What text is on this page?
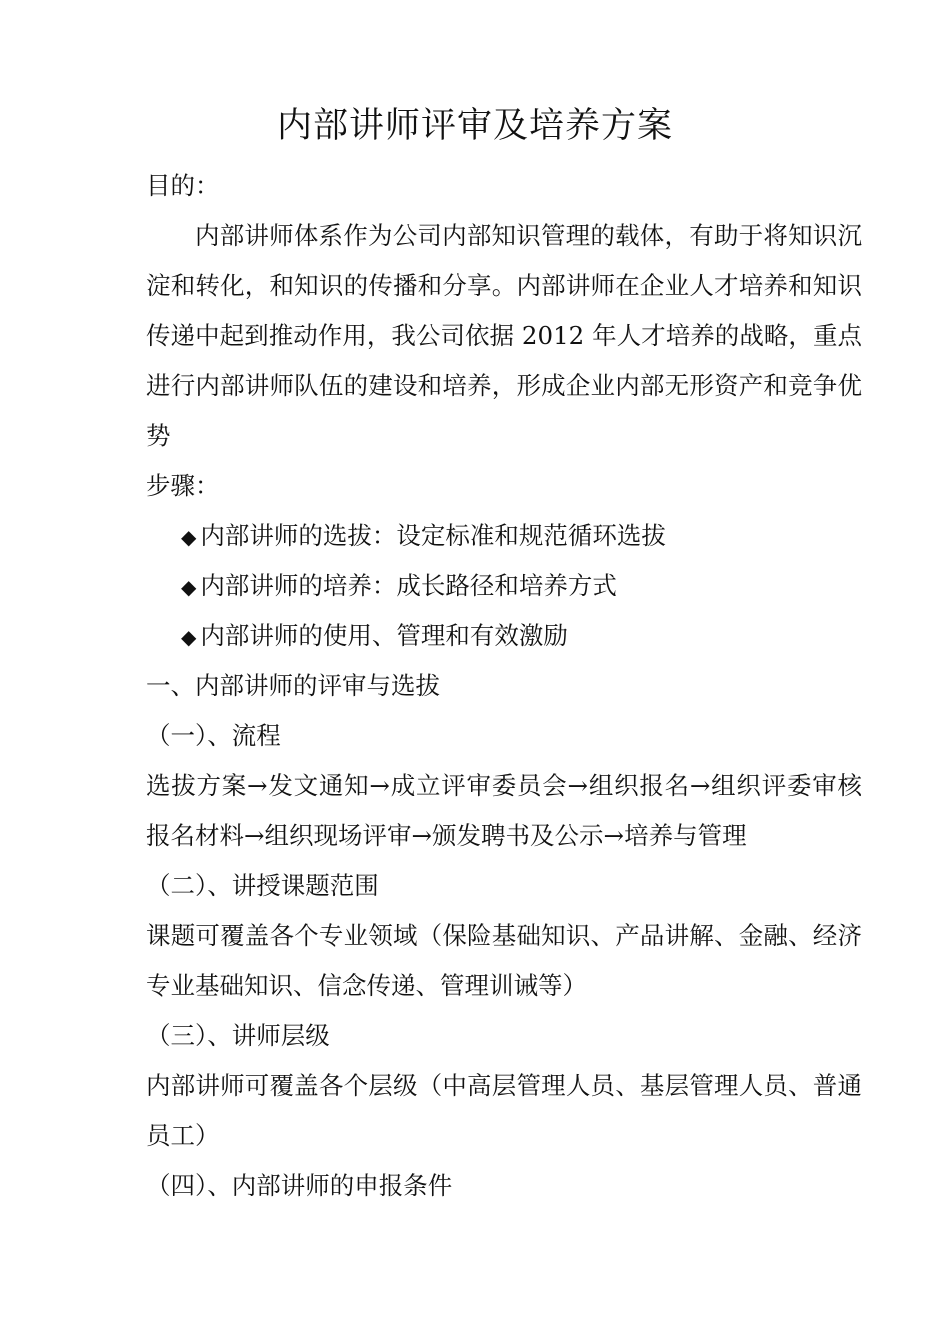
内部讲师评审及培养方案
目的：
内部讲师体系作为公司内部知识管理的载体，有助于将知识沉淀和转化，和知识的传播和分享。内部讲师在企业人才培养和知识传递中起到推动作用，我公司依据 2012 年人才培养的战略，重点进行内部讲师队伍的建设和培养，形成企业内部无形资产和竞争优势
步骤：
◆ 内部讲师的选拔：设定标准和规范循环选拔
◆ 内部讲师的培养：成长路径和培养方式
◆ 内部讲师的使用、管理和有效激励
一、内部讲师的评审与选拔
（一）、流程
选拔方案→发文通知→成立评审委员会→组织报名→组织评委审核报名材料→组织现场评审→颁发聘书及公示→培养与管理
（二）、讲授课题范围
课题可覆盖各个专业领域（保险基础知识、产品讲解、金融、经济专业基础知识、信念传递、管理训诫等）
（三）、讲师层级
内部讲师可覆盖各个层级（中高层管理人员、基层管理人员、普通员工）
（四）、内部讲师的申报条件
